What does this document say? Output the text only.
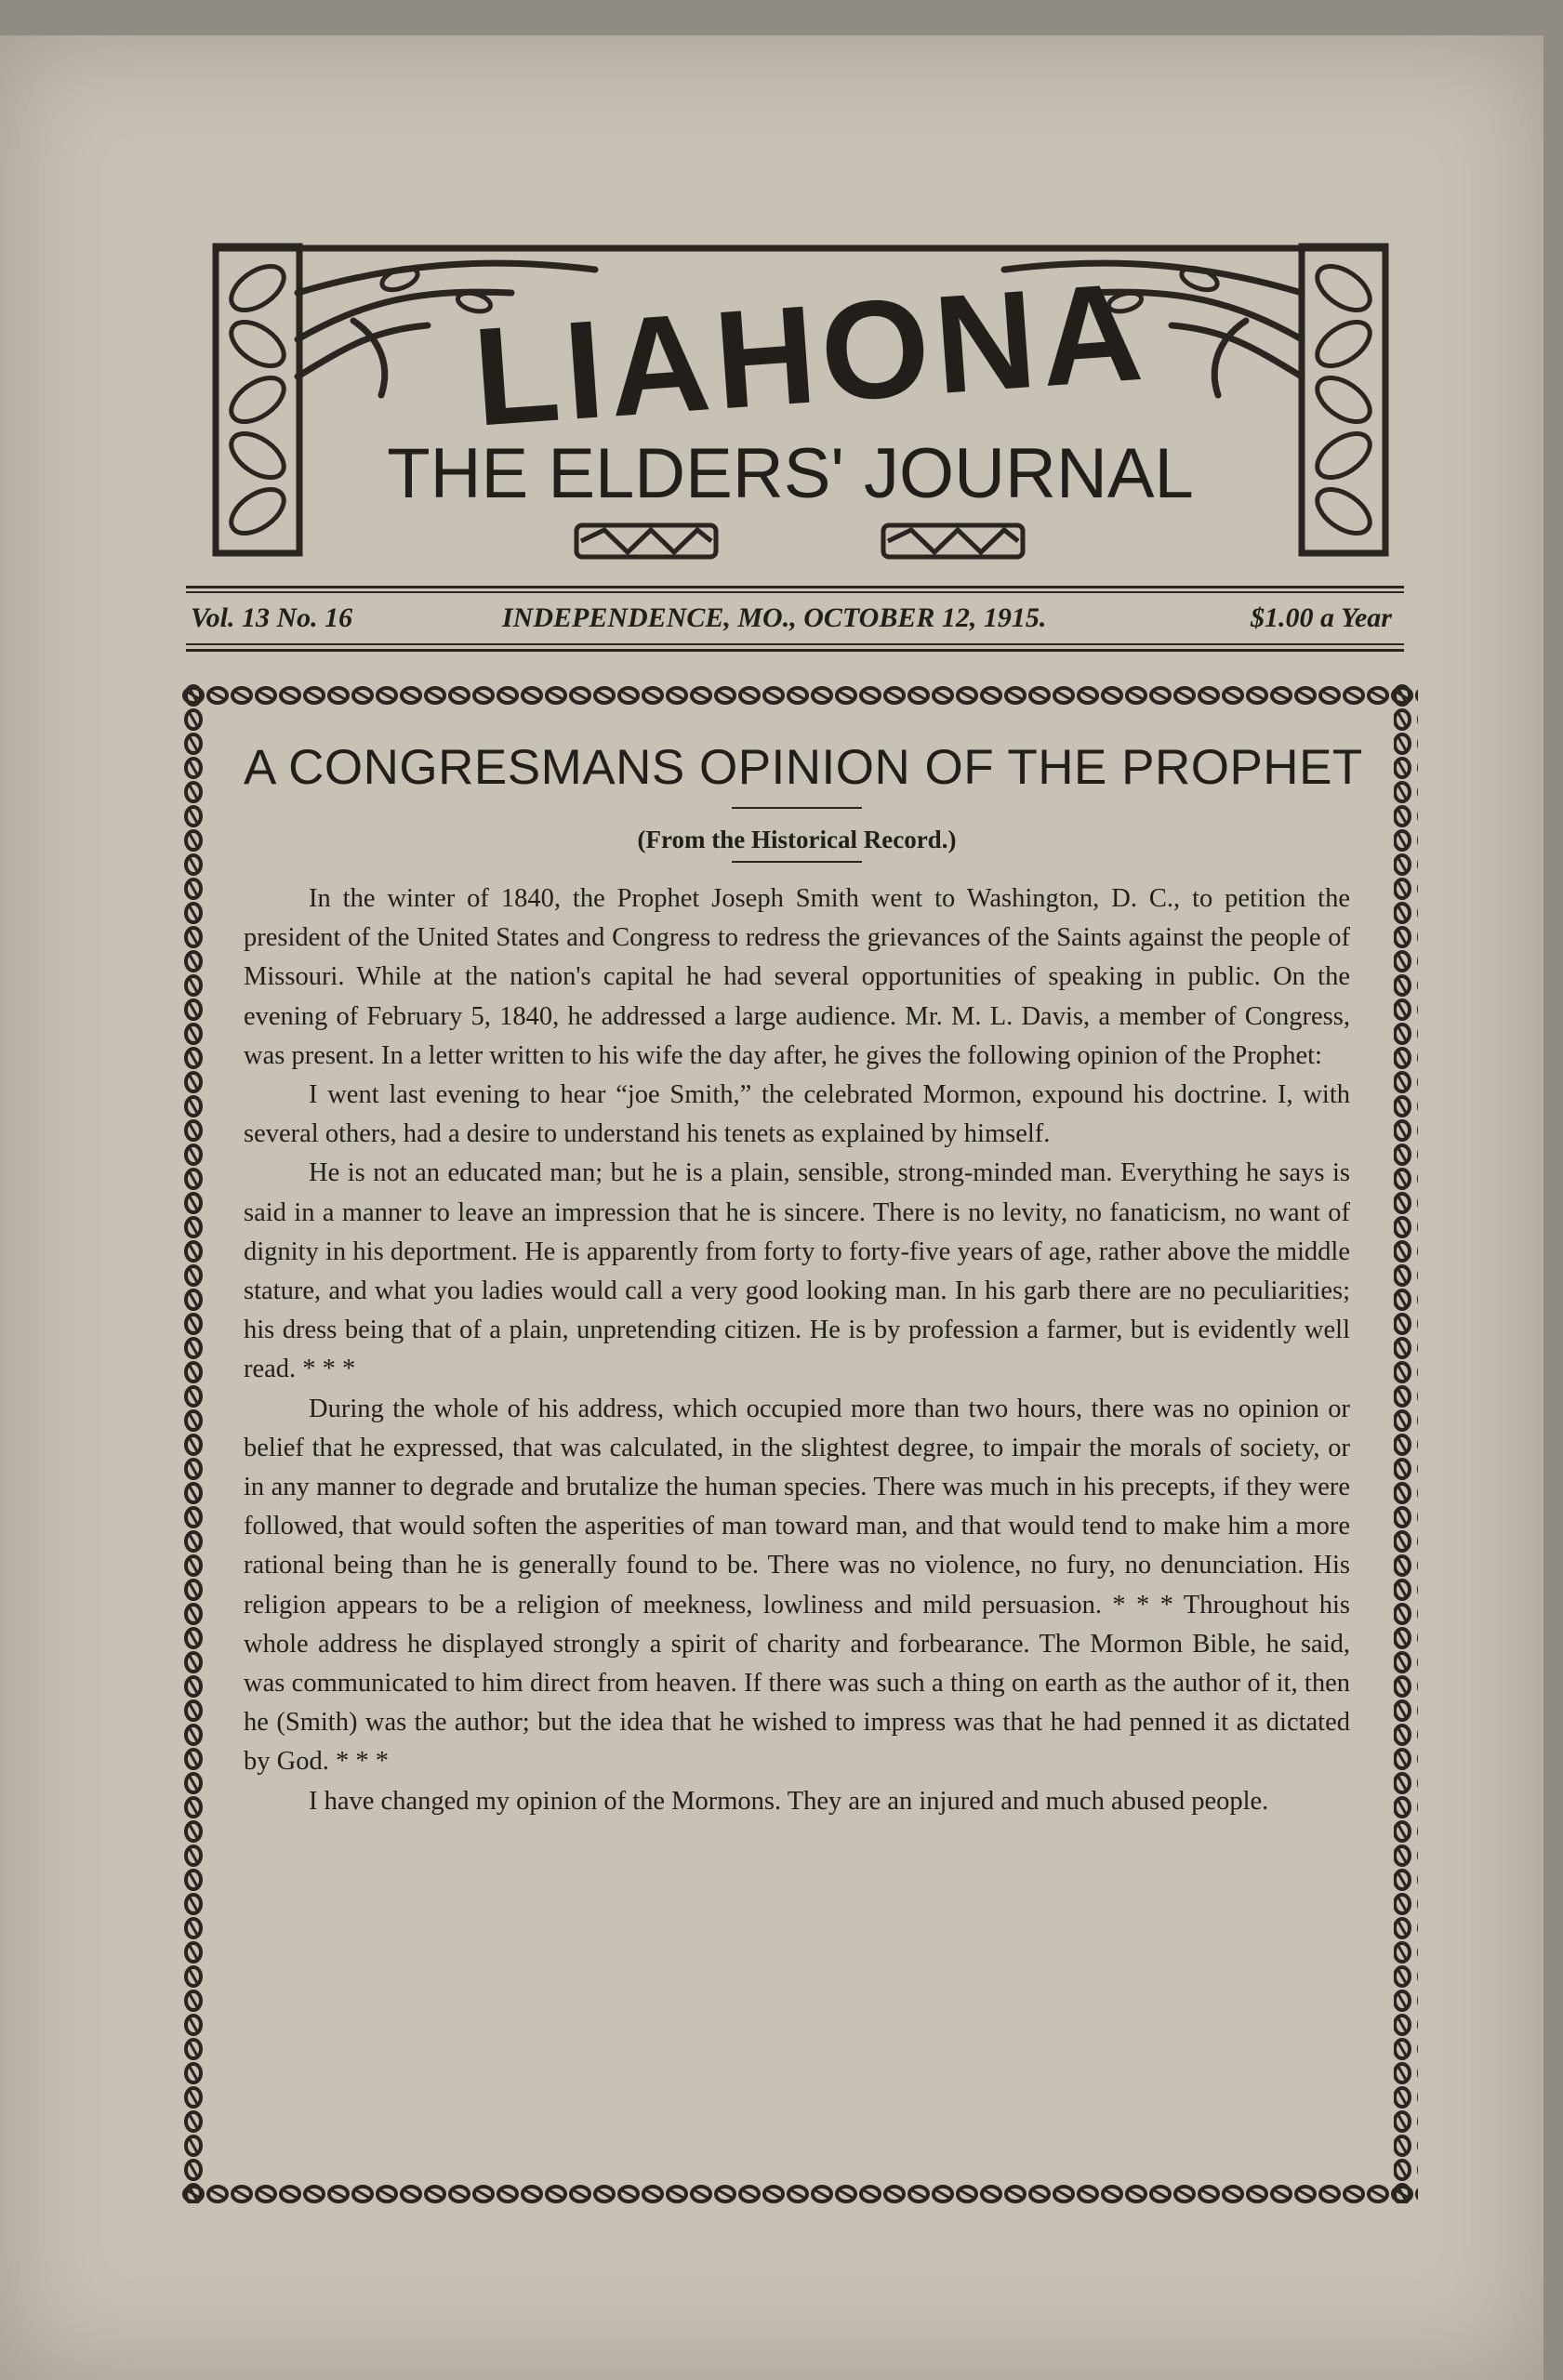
LIAHONA
THE ELDERS' JOURNAL
Vol. 13 No. 16	INDEPENDENCE, MO., OCTOBER 12, 1915.	$1.00 a Year
A CONGRESMANS OPINION OF THE PROPHET

(From the Historical Record.)

In the winter of 1840, the Prophet Joseph Smith went to Washington, D. C., to petition the president of the United States and Congress to redress the grievances of the Saints against the people of Missouri. While at the nation's capital he had several opportunities of speaking in public. On the evening of February 5, 1840, he addressed a large audience. Mr. M. L. Davis, a member of Congress, was present. In a letter written to his wife the day after, he gives the following opinion of the Prophet:

I went last evening to hear “joe Smith,” the celebrated Mormon, expound his doctrine. I, with several others, had a desire to understand his tenets as explained by himself.

He is not an educated man; but he is a plain, sensible, strong-minded man. Everything he says is said in a manner to leave an impression that he is sincere. There is no levity, no fanaticism, no want of dignity in his deportment. He is apparently from forty to forty-five years of age, rather above the middle stature, and what you ladies would call a very good looking man. In his garb there are no peculiarities; his dress being that of a plain, unpretending citizen. He is by profession a farmer, but is evidently well read. * * *

During the whole of his address, which occupied more than two hours, there was no opinion or belief that he expressed, that was calculated, in the slightest degree, to impair the morals of society, or in any manner to degrade and brutalize the human species. There was much in his precepts, if they were followed, that would soften the asperities of man toward man, and that would tend to make him a more rational being than he is generally found to be. There was no violence, no fury, no denunciation. His religion appears to be a religion of meekness, lowliness and mild persuasion. * * * Throughout his whole address he displayed strongly a spirit of charity and forbearance. The Mormon Bible, he said, was communicated to him direct from heaven. If there was such a thing on earth as the author of it, then he (Smith) was the author; but the idea that he wished to impress was that he had penned it as dictated by God. * * *

I have changed my opinion of the Mormons. They are an injured and much abused people.
